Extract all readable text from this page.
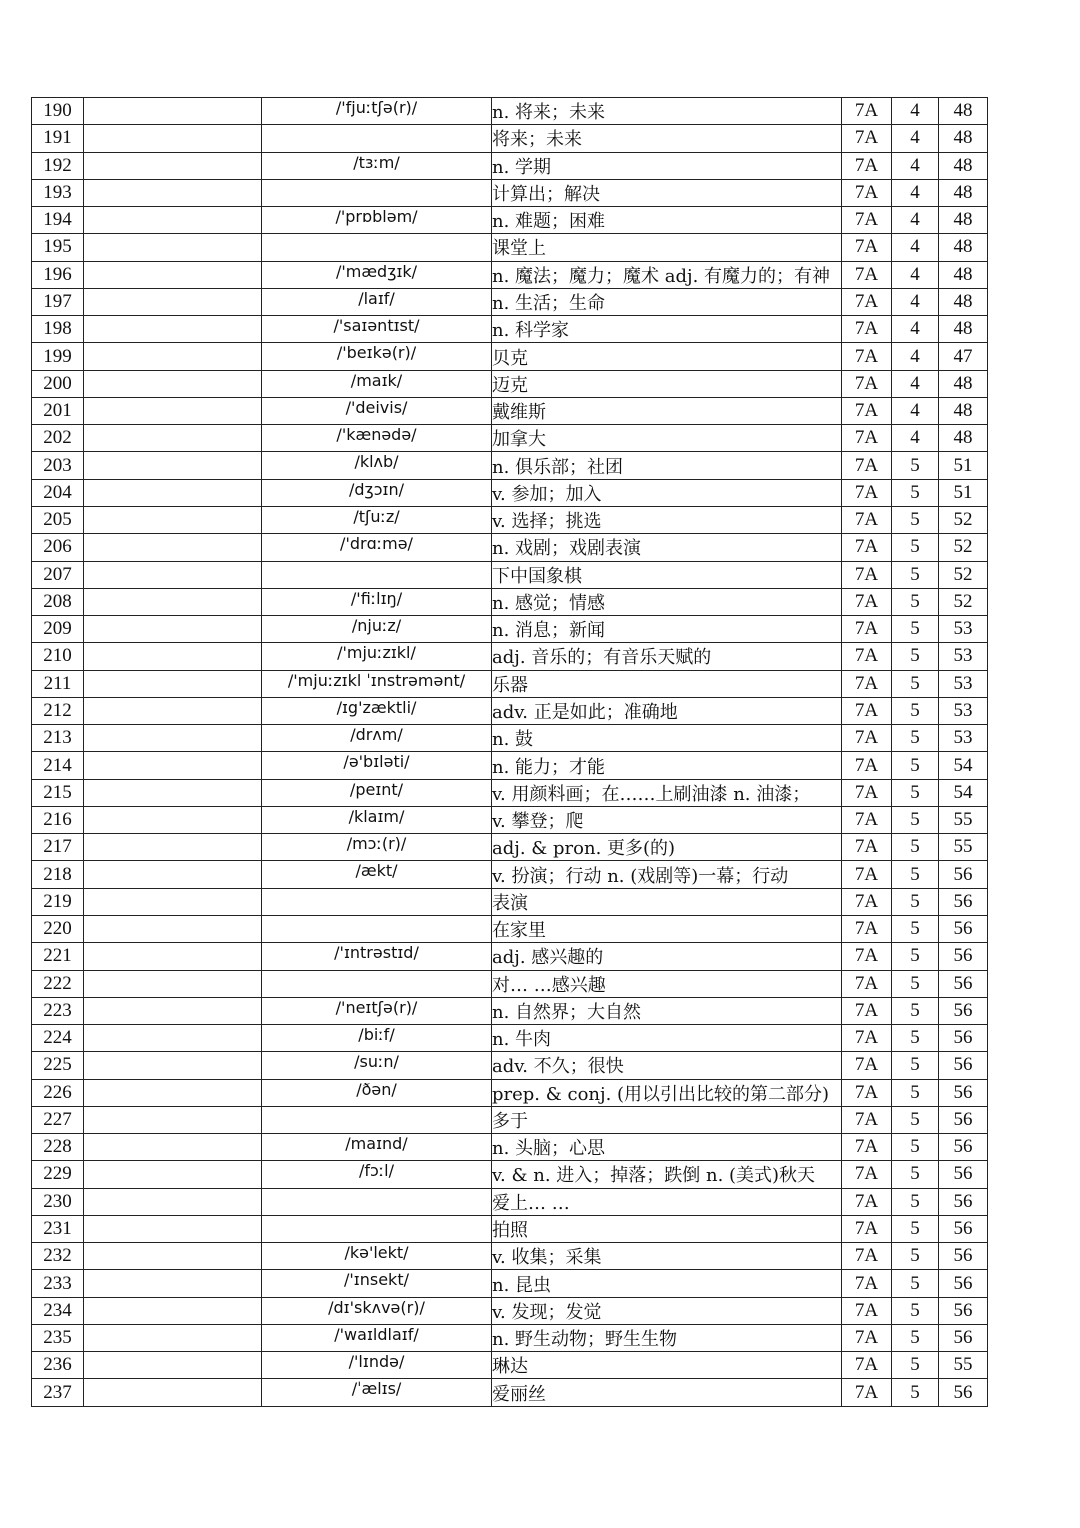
190		/'fjuːtʃə(r)/	n. 将来；未来	7A	4	48
191			将来；未来	7A	4	48
192		/tɜːm/	n. 学期	7A	4	48
193			计算出；解决	7A	4	48
194		/'prɒbləm/	n. 难题；困难	7A	4	48
195			课堂上	7A	4	48
196		/'mædʒɪk/	n. 魔法；魔力；魔术 adj. 有魔力的；有神	7A	4	48
197		/laɪf/	n. 生活；生命	7A	4	48
198		/'saɪəntɪst/	n. 科学家	7A	4	48
199		/'beɪkə(r)/	贝克	7A	4	47
200		/maɪk/	迈克	7A	4	48
201		/'deivis/	戴维斯	7A	4	48
202		/'kænədə/	加拿大	7A	4	48
203		/klʌb/	n. 俱乐部；社团	7A	5	51
204		/dʒɔɪn/	v. 参加；加入	7A	5	51
205		/tʃuːz/	v. 选择；挑选	7A	5	52
206		/'drɑːmə/	n. 戏剧；戏剧表演	7A	5	52
207			下中国象棋	7A	5	52
208		/'fiːlɪŋ/	n. 感觉；情感	7A	5	52
209		/njuːz/	n. 消息；新闻	7A	5	53
210		/'mjuːzɪkl/	adj. 音乐的；有音乐天赋的	7A	5	53
211		/'mjuːzɪkl ˈɪnstrəmənt/	乐器	7A	5	53
212		/ɪg'zæktli/	adv. 正是如此；准确地	7A	5	53
213		/drʌm/	n. 鼓	7A	5	53
214		/ə'bɪləti/	n. 能力；才能	7A	5	54
215		/peɪnt/	v. 用颜料画；在……上刷油漆 n. 油漆；	7A	5	54
216		/klaɪm/	v. 攀登；爬	7A	5	55
217		/mɔː(r)/	adj. & pron. 更多(的)	7A	5	55
218		/ækt/	v. 扮演；行动 n. (戏剧等)一幕；行动	7A	5	56
219			表演	7A	5	56
220			在家里	7A	5	56
221		/'ɪntrəstɪd/	adj. 感兴趣的	7A	5	56
222			对… …感兴趣	7A	5	56
223		/'neɪtʃə(r)/	n. 自然界；大自然	7A	5	56
224		/biːf/	n. 牛肉	7A	5	56
225		/suːn/	adv. 不久；很快	7A	5	56
226		/ðən/	prep. & conj. (用以引出比较的第二部分)	7A	5	56
227			多于	7A	5	56
228		/maɪnd/	n. 头脑；心思	7A	5	56
229		/fɔːl/	v. & n. 进入；掉落；跌倒 n. (美式)秋天	7A	5	56
230			爱上… …	7A	5	56
231			拍照	7A	5	56
232		/kə'lekt/	v. 收集；采集	7A	5	56
233		/'ɪnsekt/	n. 昆虫	7A	5	56
234		/dɪ'skʌvə(r)/	v. 发现；发觉	7A	5	56
235		/'waɪldlaɪf/	n. 野生动物；野生生物	7A	5	56
236		/'lɪndə/	琳达	7A	5	55
237		/ˈælɪs/	爱丽丝	7A	5	56
